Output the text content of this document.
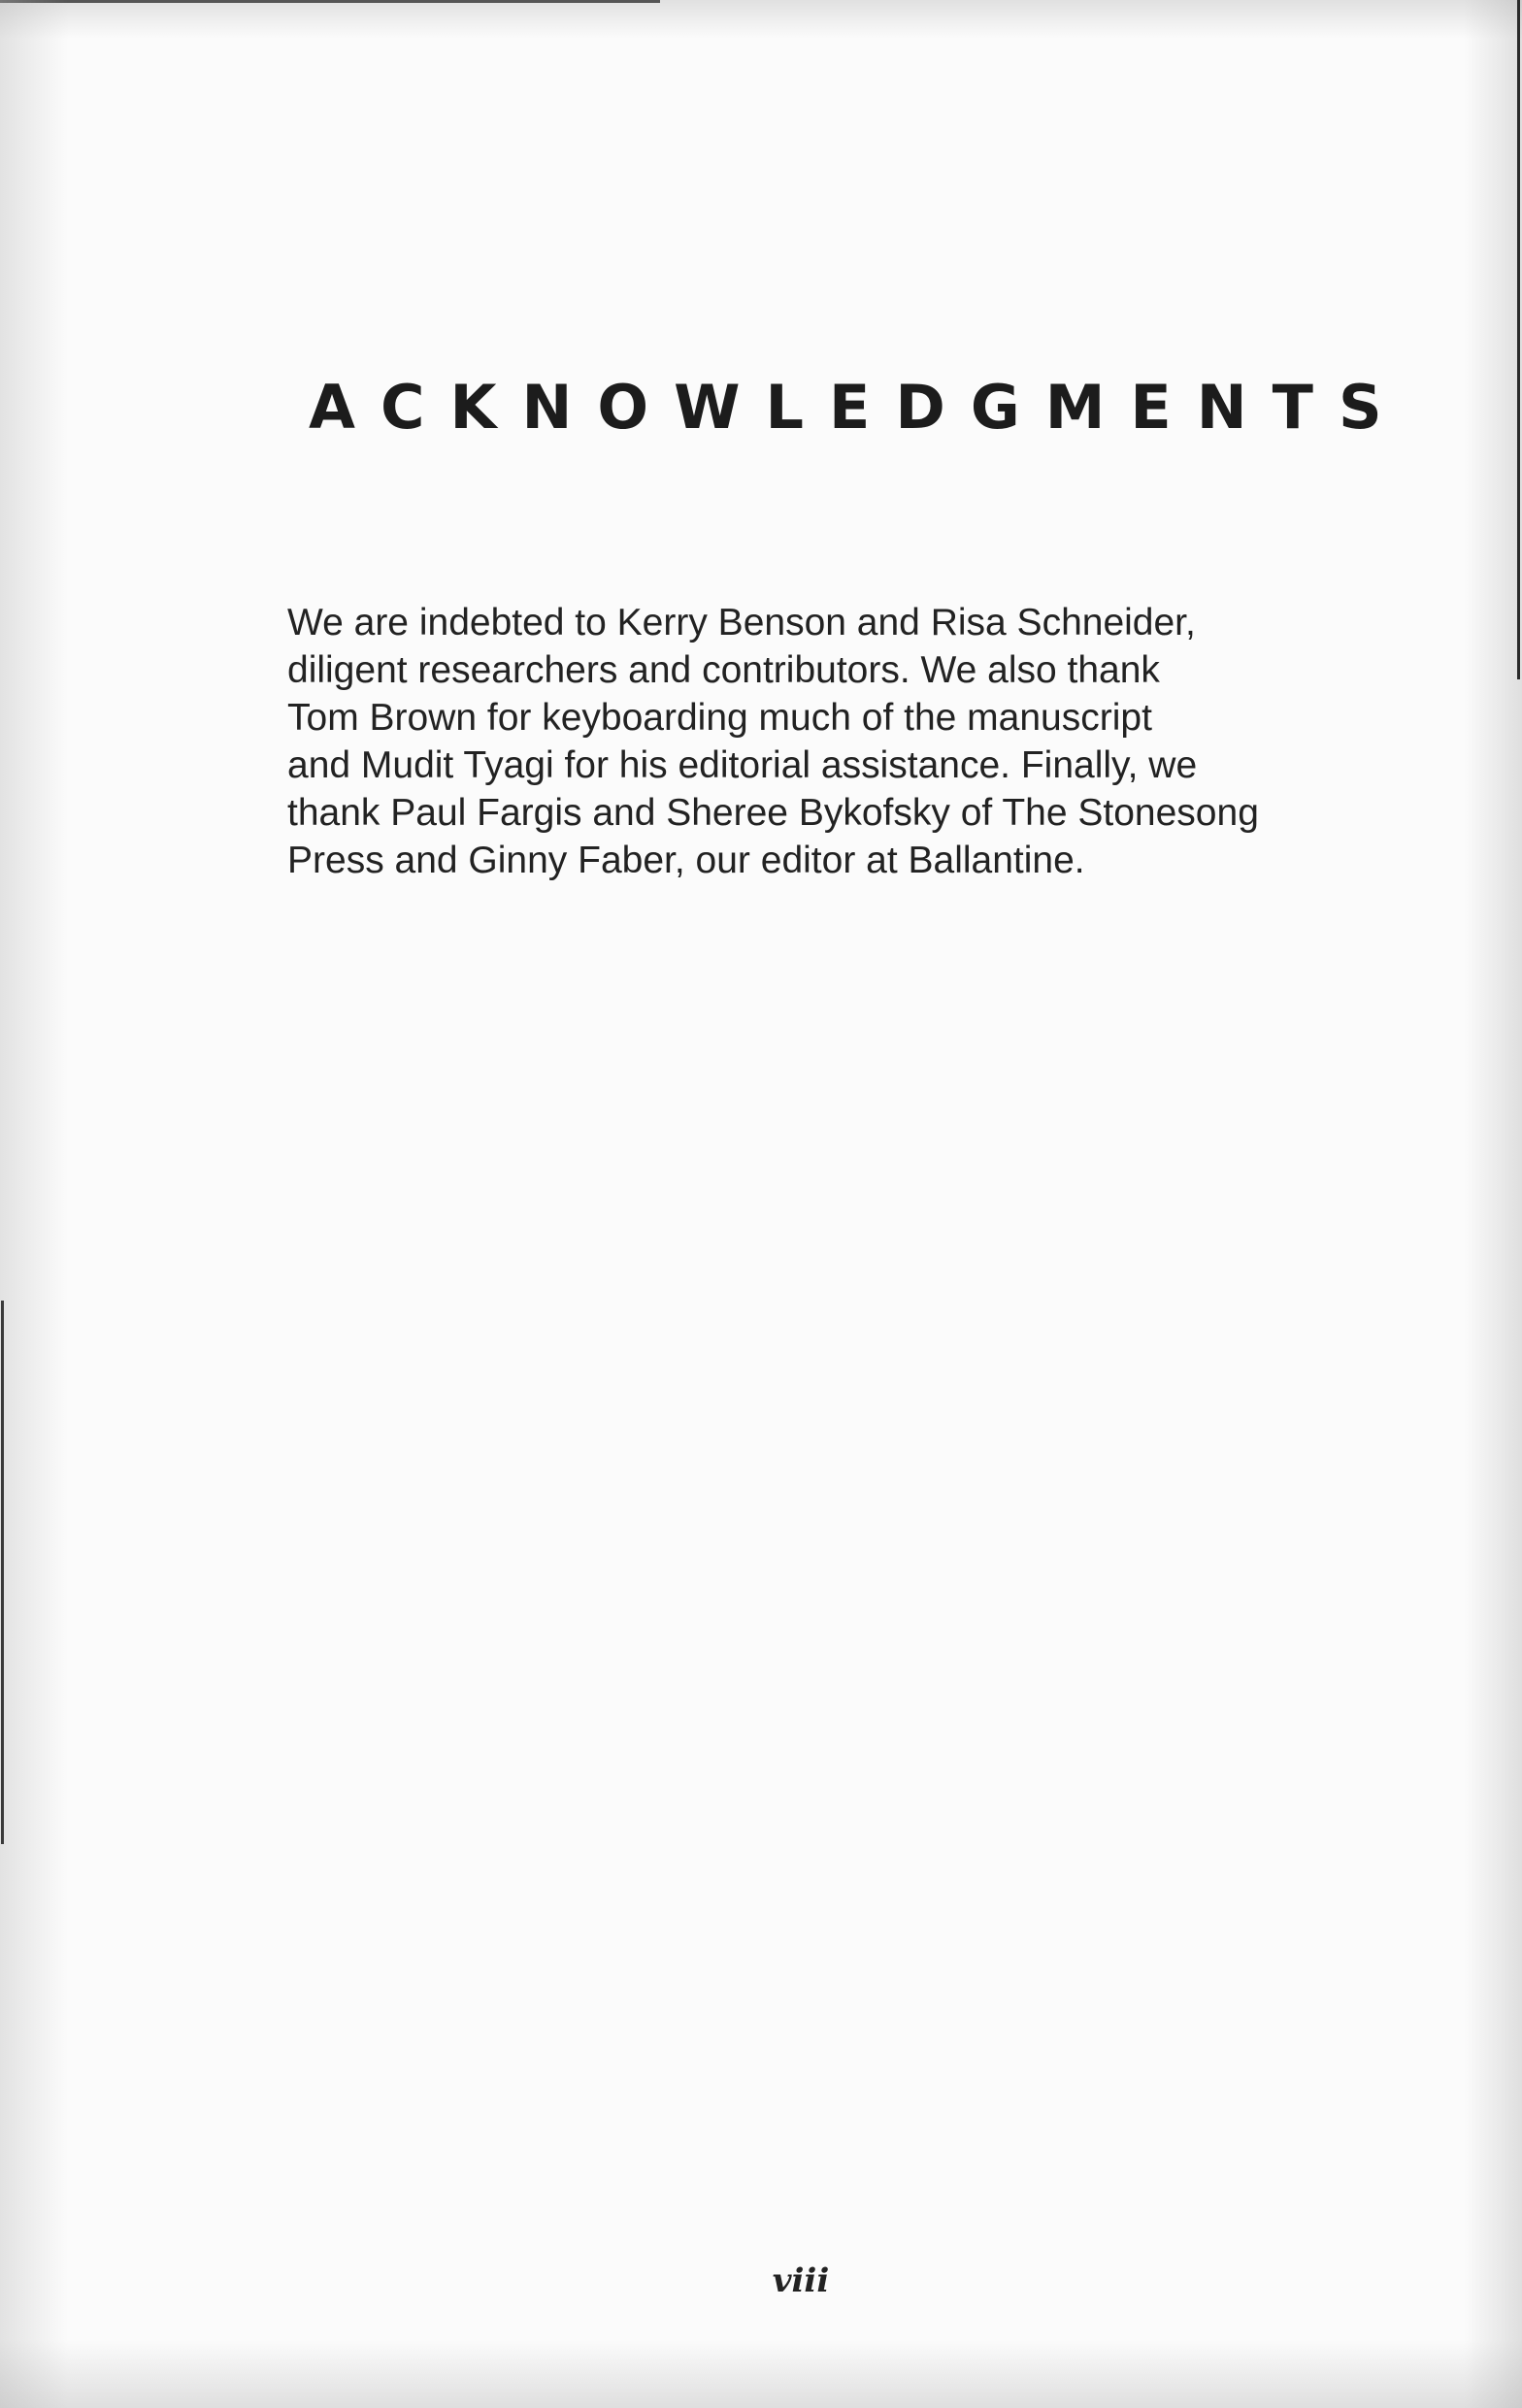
ACKNOWLEDGMENTS

We are indebted to Kerry Benson and Risa Schneider,
diligent researchers and contributors. We also thank
Tom Brown for keyboarding much of the manuscript
and Mudit Tyagi for his editorial assistance. Finally, we
thank Paul Fargis and Sheree Bykofsky of The Stonesong
Press and Ginny Faber, our editor at Ballantine.

viii
